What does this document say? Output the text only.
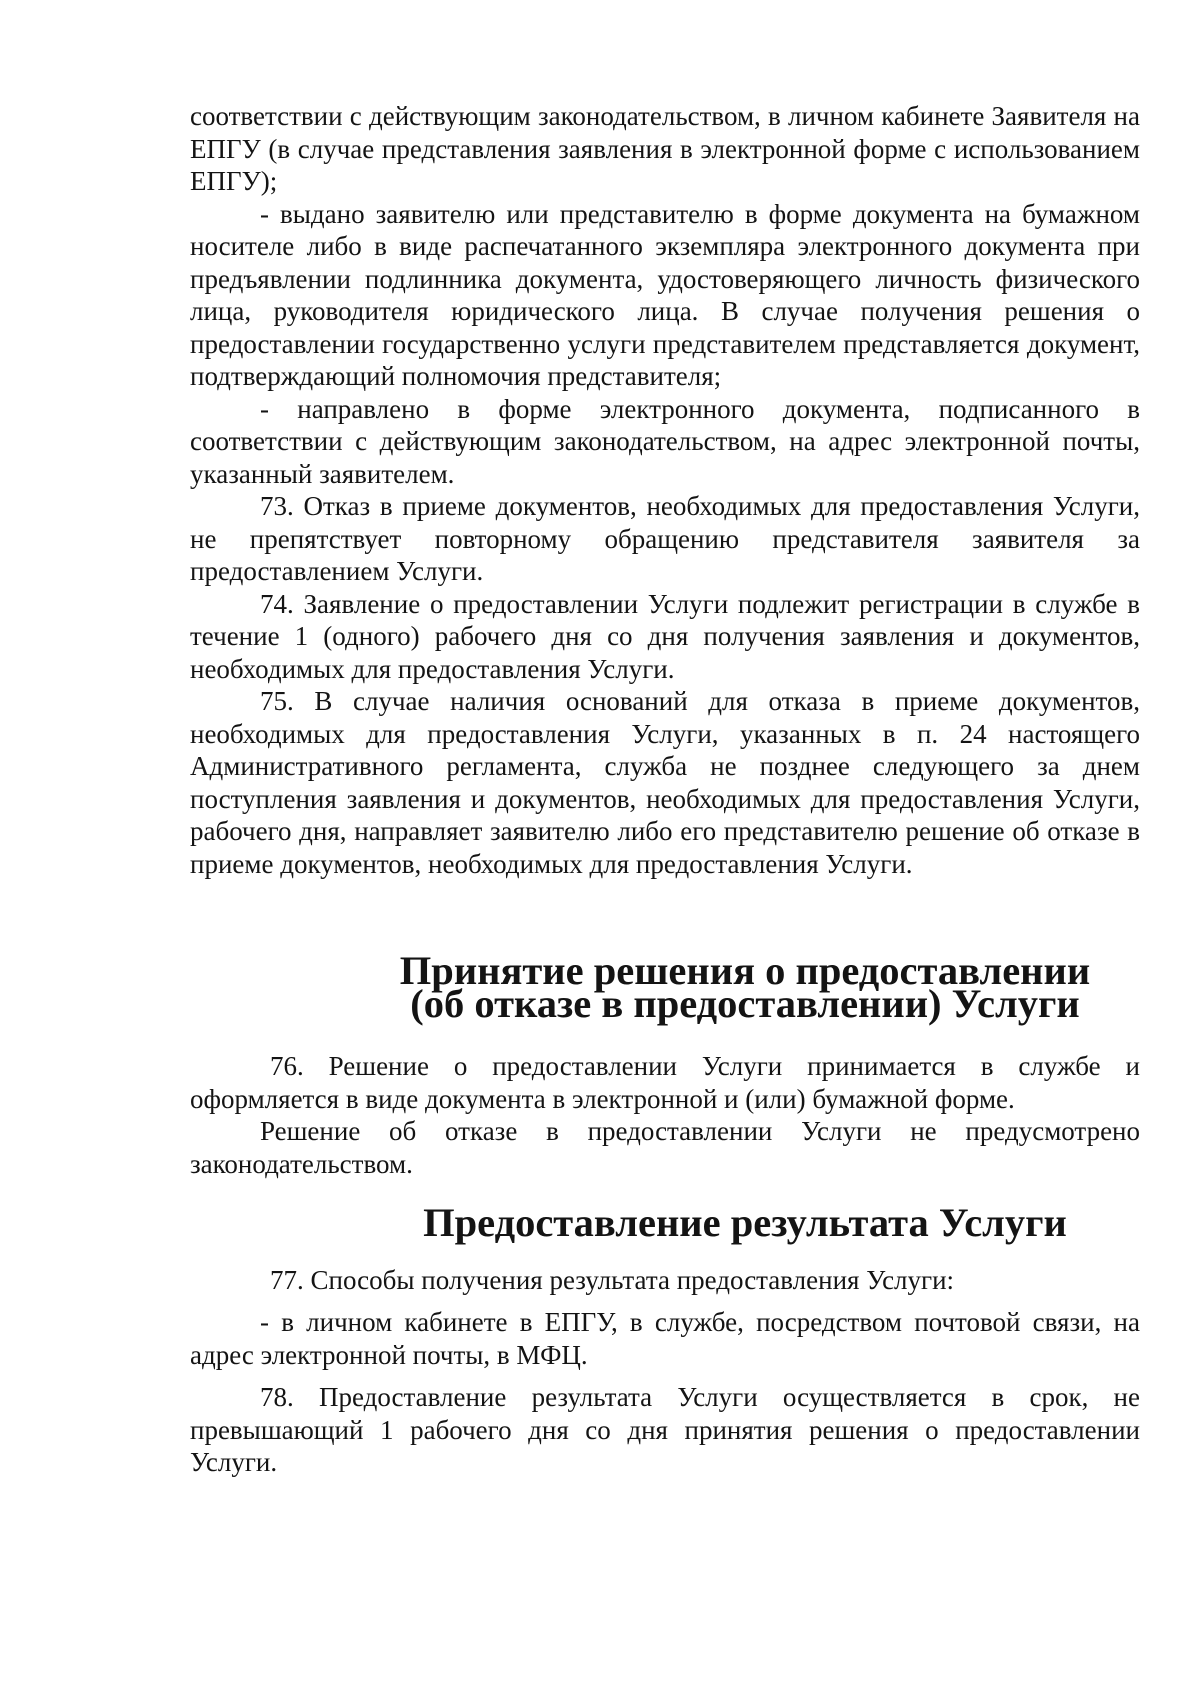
соответствии с действующим законодательством, в личном кабинете Заявителя на ЕПГУ (в случае представления заявления в электронной форме с использованием ЕПГУ);

- выдано заявителю или представителю в форме документа на бумажном носителе либо в виде распечатанного экземпляра электронного документа при предъявлении подлинника документа, удостоверяющего личность физического лица, руководителя юридического лица. В случае получения решения о предоставлении государственно услуги представителем представляется документ, подтверждающий полномочия представителя;

- направлено в форме электронного документа, подписанного в соответствии с действующим законодательством, на адрес электронной почты, указанный заявителем.

73. Отказ в приеме документов, необходимых для предоставления Услуги, не препятствует повторному обращению представителя заявителя за предоставлением Услуги.

74. Заявление о предоставлении Услуги подлежит регистрации в службе в течение 1 (одного) рабочего дня со дня получения заявления и документов, необходимых для предоставления Услуги.

75. В случае наличия оснований для отказа в приеме документов, необходимых для предоставления Услуги, указанных в п. 24 настоящего Административного регламента, служба не позднее следующего за днем поступления заявления и документов, необходимых для предоставления Услуги, рабочего дня, направляет заявителю либо его представителю решение об отказе в приеме документов, необходимых для предоставления Услуги.

Принятие решения о предоставлении
(об отказе в предоставлении) Услуги

76. Решение о предоставлении Услуги принимается в службе и оформляется в виде документа в электронной и (или) бумажной форме.

Решение об отказе в предоставлении Услуги не предусмотрено законодательством.

Предоставление результата Услуги

77. Способы получения результата предоставления Услуги:

- в личном кабинете в ЕПГУ, в службе, посредством почтовой связи, на адрес электронной почты, в МФЦ.

78. Предоставление результата Услуги осуществляется в срок, не превышающий 1 рабочего дня со дня принятия решения о предоставлении Услуги.
